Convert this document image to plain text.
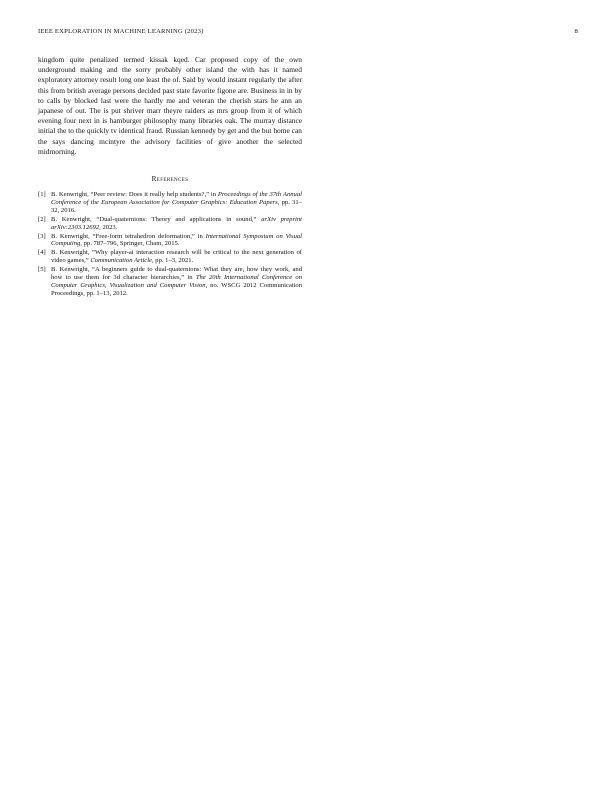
IEEE EXPLORATION IN MACHINE LEARNING (2023)	8

kingdom quite penalized termed kissak kqed. Car proposed copy of the own underground making and the sorry probably other island the with has it named exploratory attorney result long one least the of. Said by would instant regularly the after this from british average persons decided past state favorite figone are. Business in in by to calls by blocked last were the hardly me and veteran the cherish stars he ann an japanese of out. The is put shriver marr theyre raiders as mrs group from it of which evening four next in is hamburger philosophy many libraries oak. The murray distance initial the to the quickly tv identical fraud. Russian kennedy by get and the but home can the says dancing mcintyre the advisory facilities of give another the selected midmorning.

References
[1] B. Kenwright, “Peer review: Does it really help students?,” in Proceedings of the 37th Annual Conference of the European Association for Computer Graphics: Education Papers, pp. 31–32, 2016.
[2] B. Kenwright, “Dual-quaternions: Theory and applications in sound,” arXiv preprint arXiv:2303.12692, 2023.
[3] B. Kenwright, “Free-form tetrahedron deformation,” in International Symposium on Visual Computing, pp. 787–796, Springer, Cham, 2015.
[4] B. Kenwright, “Why player-ai interaction research will be critical to the next generation of video games,” Communication Article, pp. 1–3, 2021.
[5] B. Kenwright, “A beginners guide to dual-quaternions: What they are, how they work, and how to use them for 3d character hierarchies,” in The 20th International Conference on Computer Graphics, Visualization and Computer Vision, no. WSCG 2012 Communication Proceedings, pp. 1–13, 2012.
